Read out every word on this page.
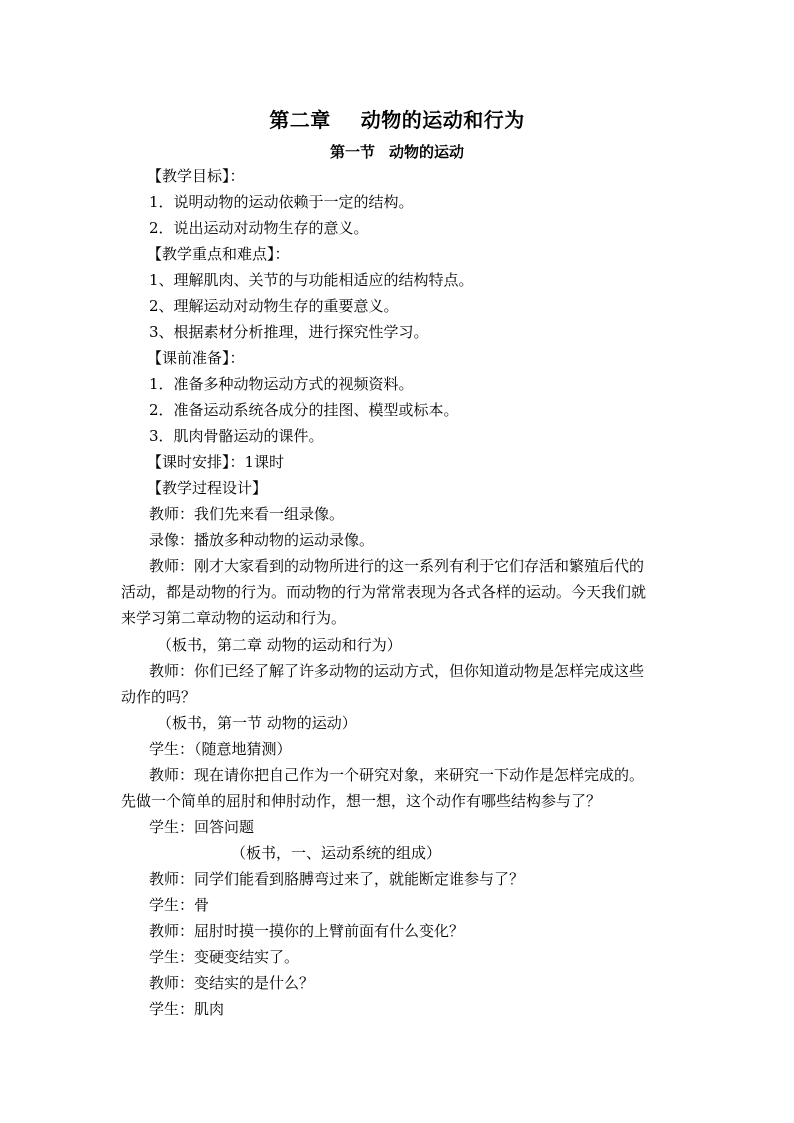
第二章 动物的运动和行为
第一节 动物的运动
【教学目标】：
1．说明动物的运动依赖于一定的结构。
2．说出运动对动物生存的意义。
【教学重点和难点】：
1、理解肌肉、关节的与功能相适应的结构特点。
2、理解运动对动物生存的重要意义。
3、根据素材分析推理，进行探究性学习。
【课前准备】：
1．准备多种动物运动方式的视频资料。
2．准备运动系统各成分的挂图、模型或标本。
3．肌肉骨骼运动的课件。
【课时安排】：1课时
【教学过程设计】
教师：我们先来看一组录像。
录像：播放多种动物的运动录像。
教师：刚才大家看到的动物所进行的这一系列有利于它们存活和繁殖后代的
活动，都是动物的行为。而动物的行为常常表现为各式各样的运动。今天我们就
来学习第二章动物的运动和行为。
（板书，第二章 动物的运动和行为）
教师：你们已经了解了许多动物的运动方式，但你知道动物是怎样完成这些
动作的吗？
（板书，第一节 动物的运动）
学生：（随意地猜测）
教师：现在请你把自己作为一个研究对象，来研究一下动作是怎样完成的。
先做一个简单的屈肘和伸肘动作，想一想，这个动作有哪些结构参与了？
学生：回答问题
（板书，一、运动系统的组成）
教师：同学们能看到胳膊弯过来了，就能断定谁参与了？
学生：骨
教师：屈肘时摸一摸你的上臂前面有什么变化？
学生：变硬变结实了。
教师：变结实的是什么？
学生：肌肉
